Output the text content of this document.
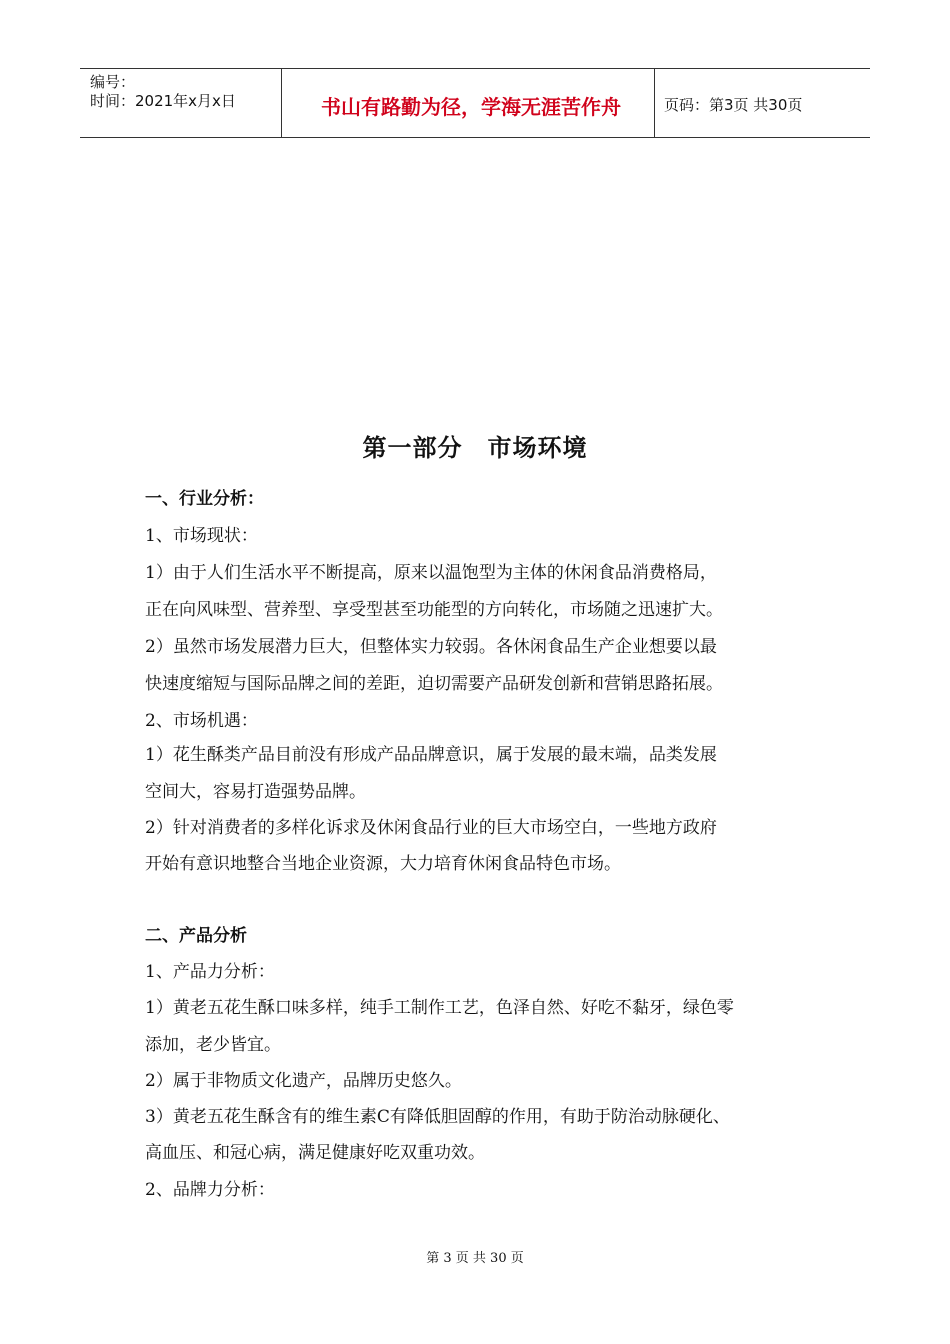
编号：
时间：2021年x月x日	书山有路勤为径，学海无涯苦作舟	页码：第3页 共30页
第一部分　市场环境
一、行业分析：
1、市场现状：
1）由于人们生活水平不断提高，原来以温饱型为主体的休闲食品消费格局，
正在向风味型、营养型、享受型甚至功能型的方向转化，市场随之迅速扩大。
2）虽然市场发展潜力巨大，但整体实力较弱。各休闲食品生产企业想要以最
快速度缩短与国际品牌之间的差距，迫切需要产品研发创新和营销思路拓展。
2、市场机遇：
1）花生酥类产品目前没有形成产品品牌意识，属于发展的最末端，品类发展
空间大，容易打造强势品牌。
2）针对消费者的多样化诉求及休闲食品行业的巨大市场空白，一些地方政府
开始有意识地整合当地企业资源，大力培育休闲食品特色市场。
二、产品分析
1、产品力分析：
1）黄老五花生酥口味多样，纯手工制作工艺，色泽自然、好吃不黏牙，绿色零
添加，老少皆宜。
2）属于非物质文化遗产，品牌历史悠久。
3）黄老五花生酥含有的维生素C有降低胆固醇的作用，有助于防治动脉硬化、
高血压、和冠心病，满足健康好吃双重功效。
2、品牌力分析：
第 3 页 共 30 页
